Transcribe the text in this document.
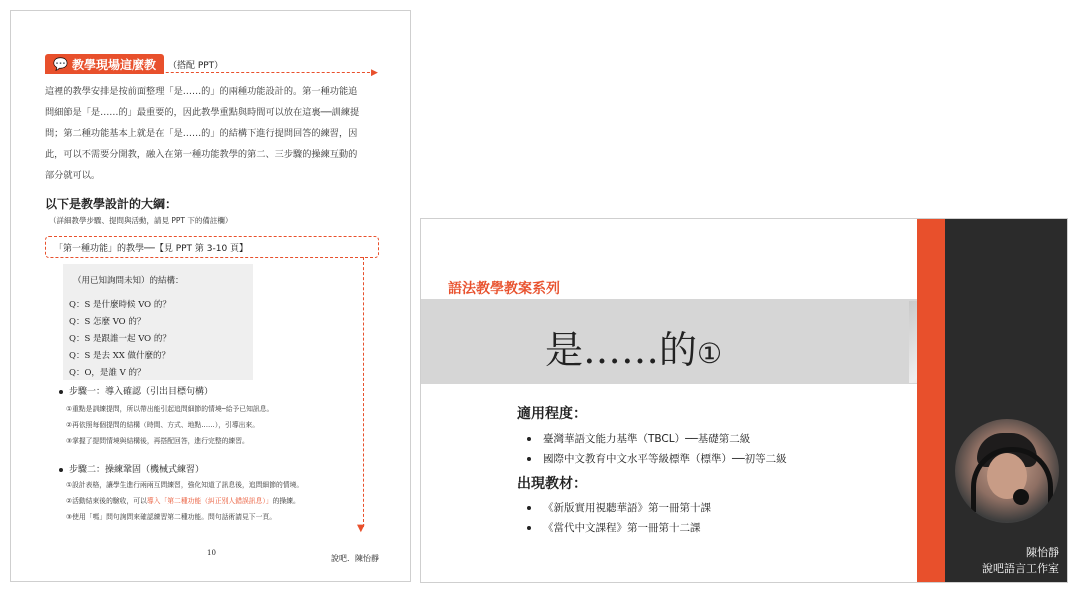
💬 教學現場這麼教 （搭配 PPT）
▶
這裡的教學安排是按前面整理「是……的」的兩種功能設計的。第一種功能追
問細節是「是……的」最重要的，因此教學重點與時間可以放在這裏──訓練提
問；第二種功能基本上就是在「是……的」的結構下進行提問回答的練習，因
此，可以不需要分開教，融入在第一種功能教學的第二、三步驟的操練互動的
部分就可以。
以下是教學設計的大綱：
（詳細教學步驟、提問與活動，請見 PPT 下的備註欄）
「第一種功能」的教學──【見 PPT 第 3-10 頁】
▼
（用已知詢問未知）的結構：
Q：S 是什麼時候 VO 的？
Q：S 怎麼 VO 的？
Q：S 是跟誰一起 VO 的？
Q：S 是去 XX 做什麼的？
Q：O，是誰 V 的？
步驟一：導入確認（引出目標句構）
①重點是訓練提問，所以帶出能引起追問細節的情境─給予已知訊息。
②再依照每個提問的結構（時間、方式、地點……），引導出來。
③掌握了提問情境與結構後，再搭配回答，進行完整的練習。
步驟二：操練鞏固（機械式練習）
①設計表格，讓學生進行兩兩互問練習，強化知道了訊息後，追問細節的情境。
②活動結束後的驗收，可以導入「第二種功能（糾正別人錯誤訊息）」的操練。
③使用「嗎」問句詢問來確認練習第二種功能。問句話術請見下一頁。
10
說吧．陳怡靜
語法教學教案系列
是……的①
適用程度：
臺灣華語文能力基準（TBCL）──基礎第二級
國際中文教育中文水平等級標準（標準）──初等二級
出現教材：
《新版實用視聽華語》第一冊第十課
《當代中文課程》第一冊第十二課
陳怡靜
說吧語言工作室
